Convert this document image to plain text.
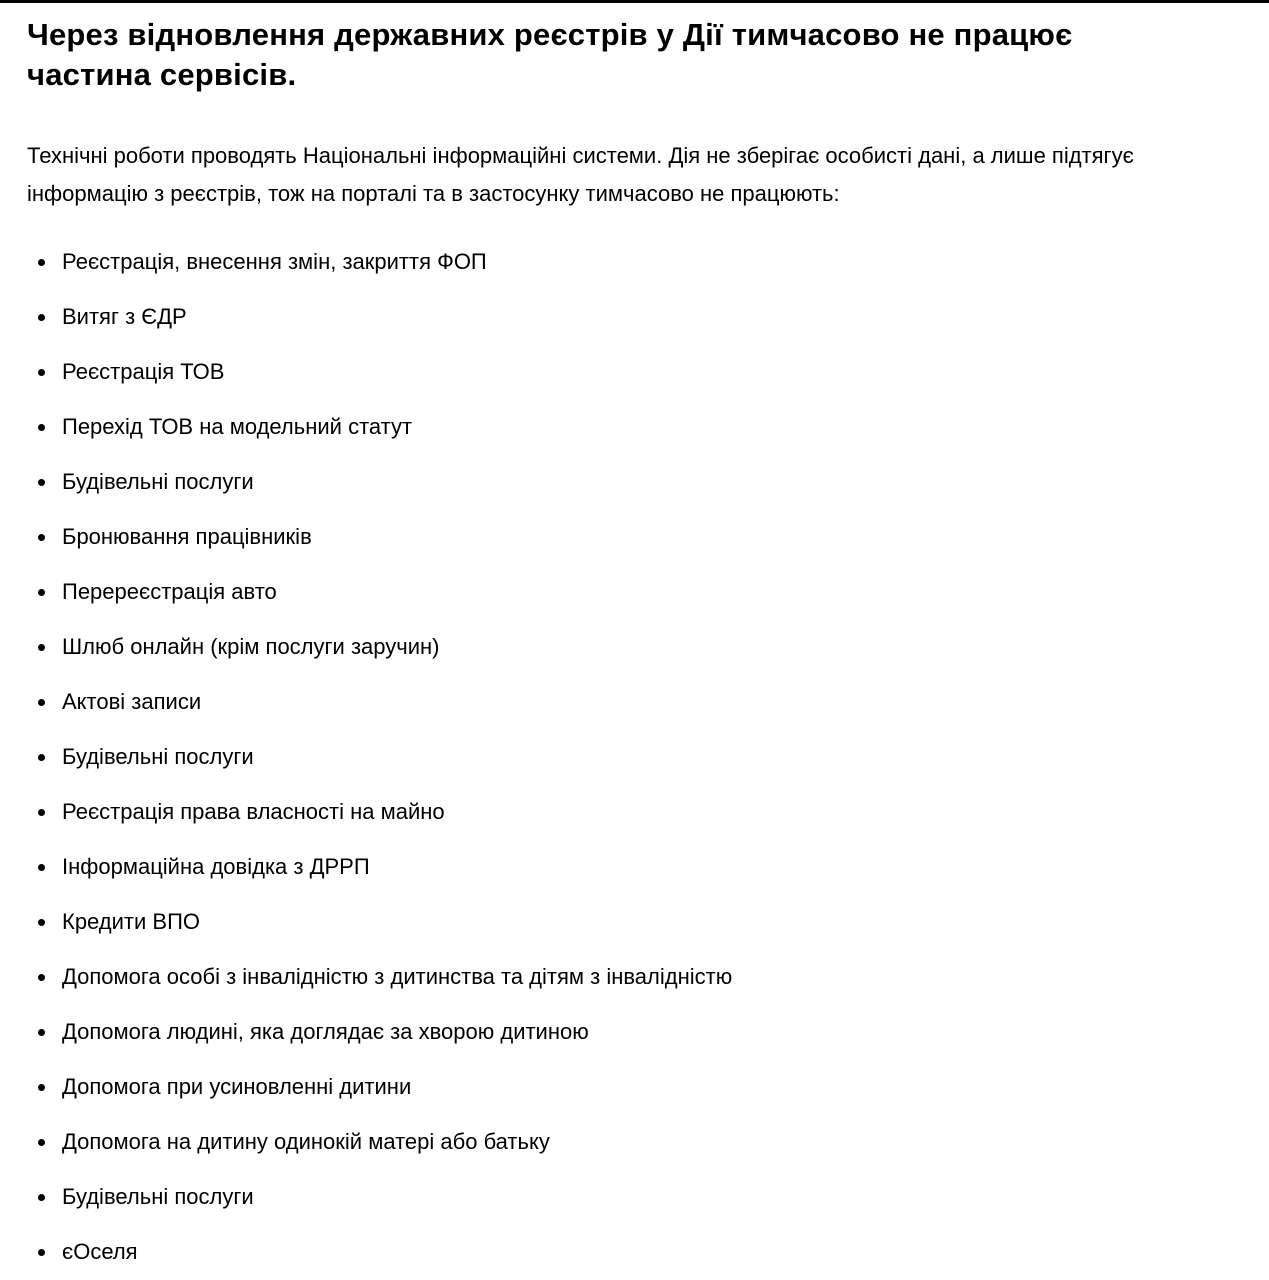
Через відновлення державних реєстрів у Дії тимчасово не працює частина сервісів.

Технічні роботи проводять Національні інформаційні системи. Дія не зберігає особисті дані, а лише підтягує інформацію з реєстрів, тож на порталі та в застосунку тимчасово не працюють:

Реєстрація, внесення змін, закриття ФОП
Витяг з ЄДР
Реєстрація ТОВ
Перехід ТОВ на модельний статут
Будівельні послуги
Бронювання працівників
Перереєстрація авто
Шлюб онлайн (крім послуги заручин)
Актові записи
Будівельні послуги
Реєстрація права власності на майно
Інформаційна довідка з ДРРП
Кредити ВПО
Допомога особі з інвалідністю з дитинства та дітям з інвалідністю
Допомога людині, яка доглядає за хворою дитиною
Допомога при усиновленні дитини
Допомога на дитину одинокій матері або батьку
Будівельні послуги
єОселя
